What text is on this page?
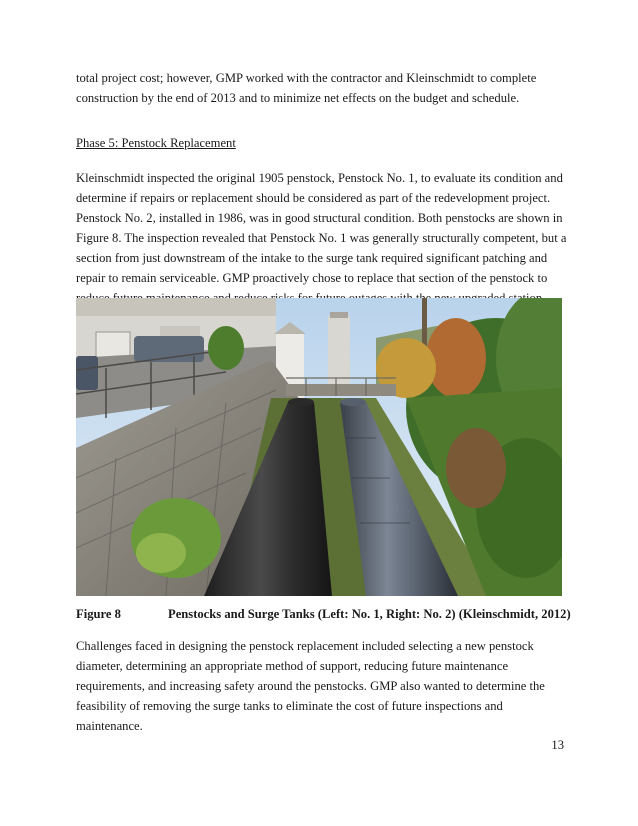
total project cost; however, GMP worked with the contractor and Kleinschmidt to complete
construction by the end of 2013 and to minimize net effects on the budget and schedule.

Phase 5: Penstock Replacement

Kleinschmidt inspected the original 1905 penstock, Penstock No. 1, to evaluate its condition and
determine if repairs or replacement should be considered as part of the redevelopment project.
Penstock No. 2, installed in 1986, was in good structural condition. Both penstocks are shown in
Figure 8. The inspection revealed that Penstock No. 1 was generally structurally competent, but a
section from just downstream of the intake to the surge tank required significant patching and
repair to remain serviceable. GMP proactively chose to replace that section of the penstock to

Figure 8	Penstocks and Surge Tanks (Left: No. 1, Right: No. 2) (Kleinschmidt, 2012)

Challenges faced in designing the penstock replacement included selecting a new penstock
diameter, determining an appropriate method of support, reducing future maintenance
requirements, and increasing safety around the penstocks. GMP also wanted to determine the
feasibility of removing the surge tanks to eliminate the cost of future inspections and
maintenance.

13
